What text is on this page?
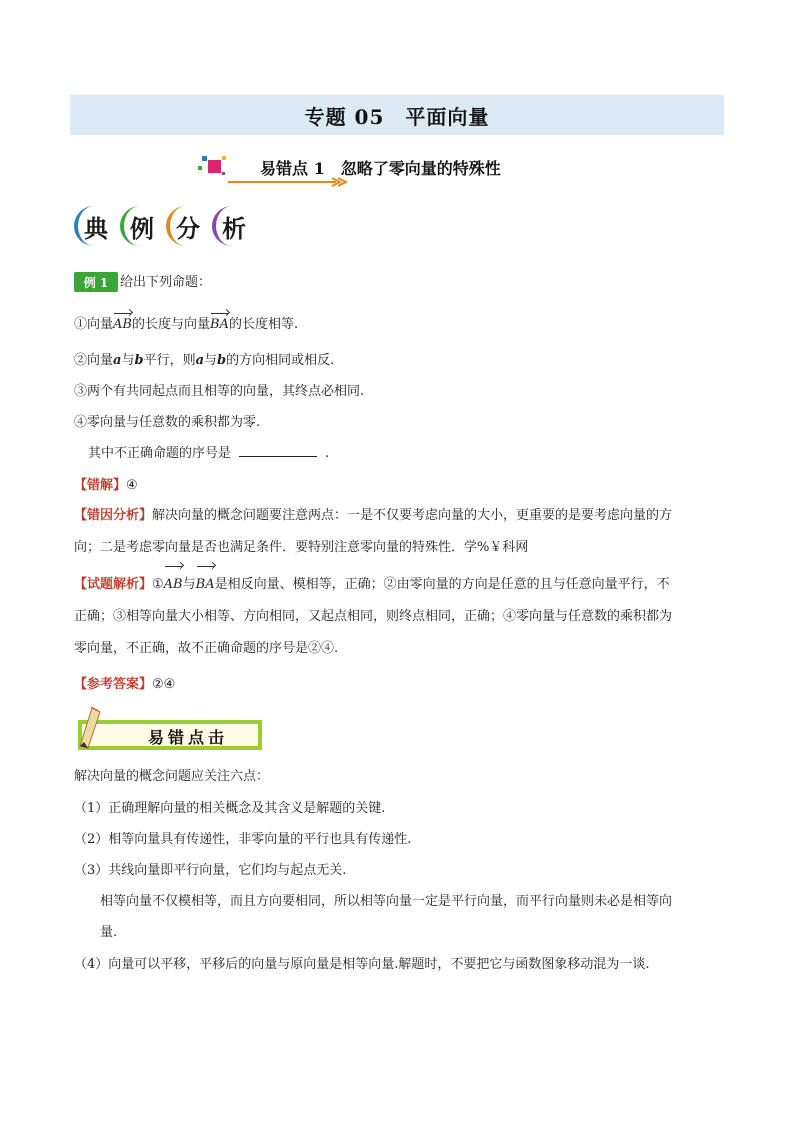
专题 05　平面向量
易错点 1　忽略了零向量的特殊性
典 例 分 析
例 1 给出下列命题：
①向量AB的长度与向量BA的长度相等.
②向量a与b平行，则a与b的方向相同或相反.
③两个有共同起点而且相等的向量，其终点必相同.
④零向量与任意数的乘积都为零.
其中不正确命题的序号是	.
【错解】④
【错因分析】解决向量的概念问题要注意两点：一是不仅要考虑向量的大小，更重要的是要考虑向量的方
向；二是考虑零向量是否也满足条件．要特别注意零向量的特殊性．学%￥科网
【试题解析】①AB与BA是相反向量、模相等，正确；②由零向量的方向是任意的且与任意向量平行，不
正确；③相等向量大小相等、方向相同，又起点相同，则终点相同，正确；④零向量与任意数的乘积都为
零向量，不正确，故不正确命题的序号是②④.
【参考答案】②④
易错点击
解决向量的概念问题应关注六点：
（1）正确理解向量的相关概念及其含义是解题的关键.
（2）相等向量具有传递性，非零向量的平行也具有传递性.
（3）共线向量即平行向量，它们均与起点无关.
相等向量不仅模相等，而且方向要相同，所以相等向量一定是平行向量，而平行向量则未必是相等向
量.
（4）向量可以平移，平移后的向量与原向量是相等向量.解题时，不要把它与函数图象移动混为一谈.
